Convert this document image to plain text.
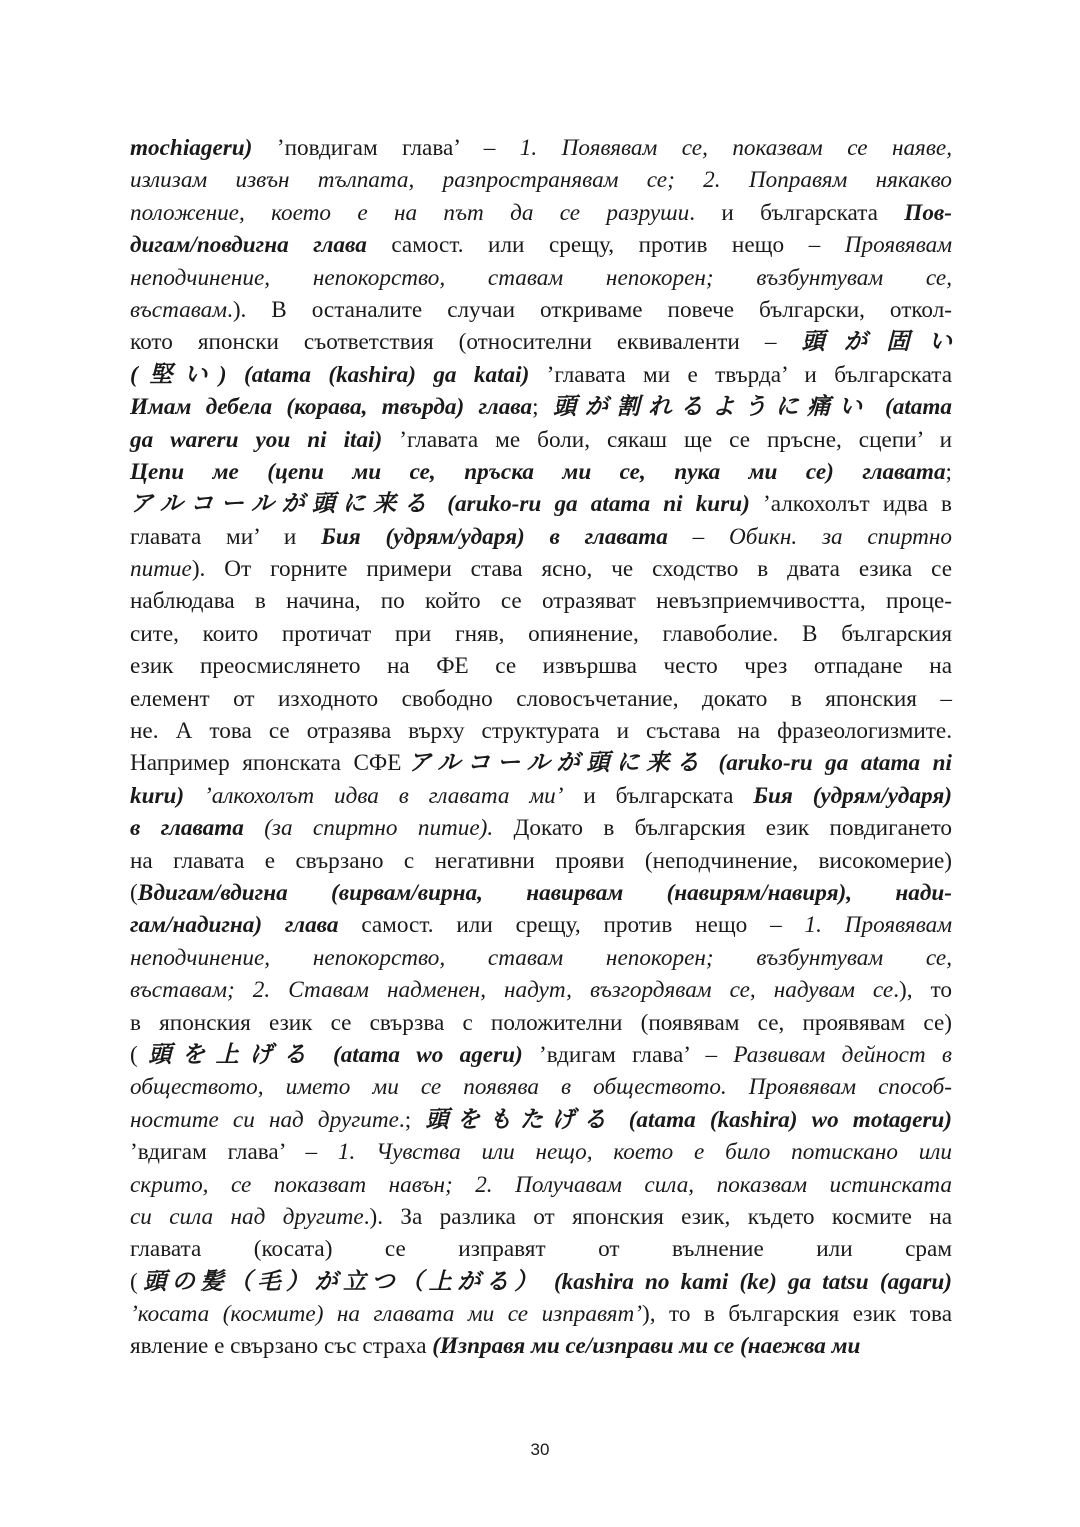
mochiageru) ’повдигам глава’ – 1. Появявам се, показвам се наяве,
излизам извън тълпата, разпространявам се; 2. Поправям някакво
положение, което е на път да се разруши. и българската Пов-
дигам/повдигна глава самост. или срещу, против нещо – Проявявам
неподчинение, непокорство, ставам непокорен; възбунтувам се,
въставам.). В останалите случаи откриваме повече български, откол-
кото японски съответствия (относителни еквиваленти – 頭が固い
(堅い) (atama (kashira) ga katai) ’главата ми е твърда’ и българската
Имам дебела (корава, твърда) глава; 頭が割れるように痛い (atama
ga wareru you ni itai) ’главата ме боли, сякаш ще се пръсне, сцепи’ и
Цепи ме (цепи ми се, пръска ми се, пука ми се) главата;
アルコールが頭に来る (aruko-ru ga atama ni kuru) ’алкохолът идва в
главата ми’ и Бия (удрям/ударя) в главата – Обикн. за спиртно
питие). От горните примери става ясно, че сходство в двата езика се
наблюдава в начина, по който се отразяват невъзприемчивостта, проце-
сите, които протичат при гняв, опиянение, главоболие. В българския
език преосмислянето на ФЕ се извършва често чрез отпадане на
елемент от изходното свободно словосъчетание, докато в японския –
не. А това се отразява върху структурата и състава на фразеологизмите.
Например японската СФЕアルコールが頭に来る (aruko-ru ga atama ni
kuru) ’алкохолът идва в главата ми’ и българската Бия (удрям/ударя)
в главата (за спиртно питие). Докато в българския език повдигането
на главата е свързано с негативни прояви (неподчинение, високомерие)
(Вдигам/вдигна (вирвам/вирна, навирвам (навирям/навиря), нади-
гам/надигна) глава самост. или срещу, против нещо – 1. Проявявам
неподчинение, непокорство, ставам непокорен; възбунтувам се,
въставам; 2. Ставам надменен, надут, възгордявам се, надувам се.), то
в японския език се свързва с положителни (появявам се, проявявам се)
(頭を上げる (atama wo ageru) ’вдигам глава’ – Развивам дейност в
обществото, името ми се появява в обществото. Проявявам способ-
ностите си над другите.; 頭をもたげる (atama (kashira) wo motageru)
’вдигам глава’ – 1. Чувства или нещо, което е било потискано или
скрито, се показват навън; 2. Получавам сила, показвам истинската
си сила над другите.). За разлика от японския език, където космите на
главата (косата) се изправят от вълнение или срам
(頭の髪（毛）が立つ（上がる） (kashira no kami (ke) ga tatsu (agaru)
’косата (космите) на главата ми се изправят’), то в българския език това
явление е свързано със страха (Изправя ми се/изправи ми се (наежва ми
30
